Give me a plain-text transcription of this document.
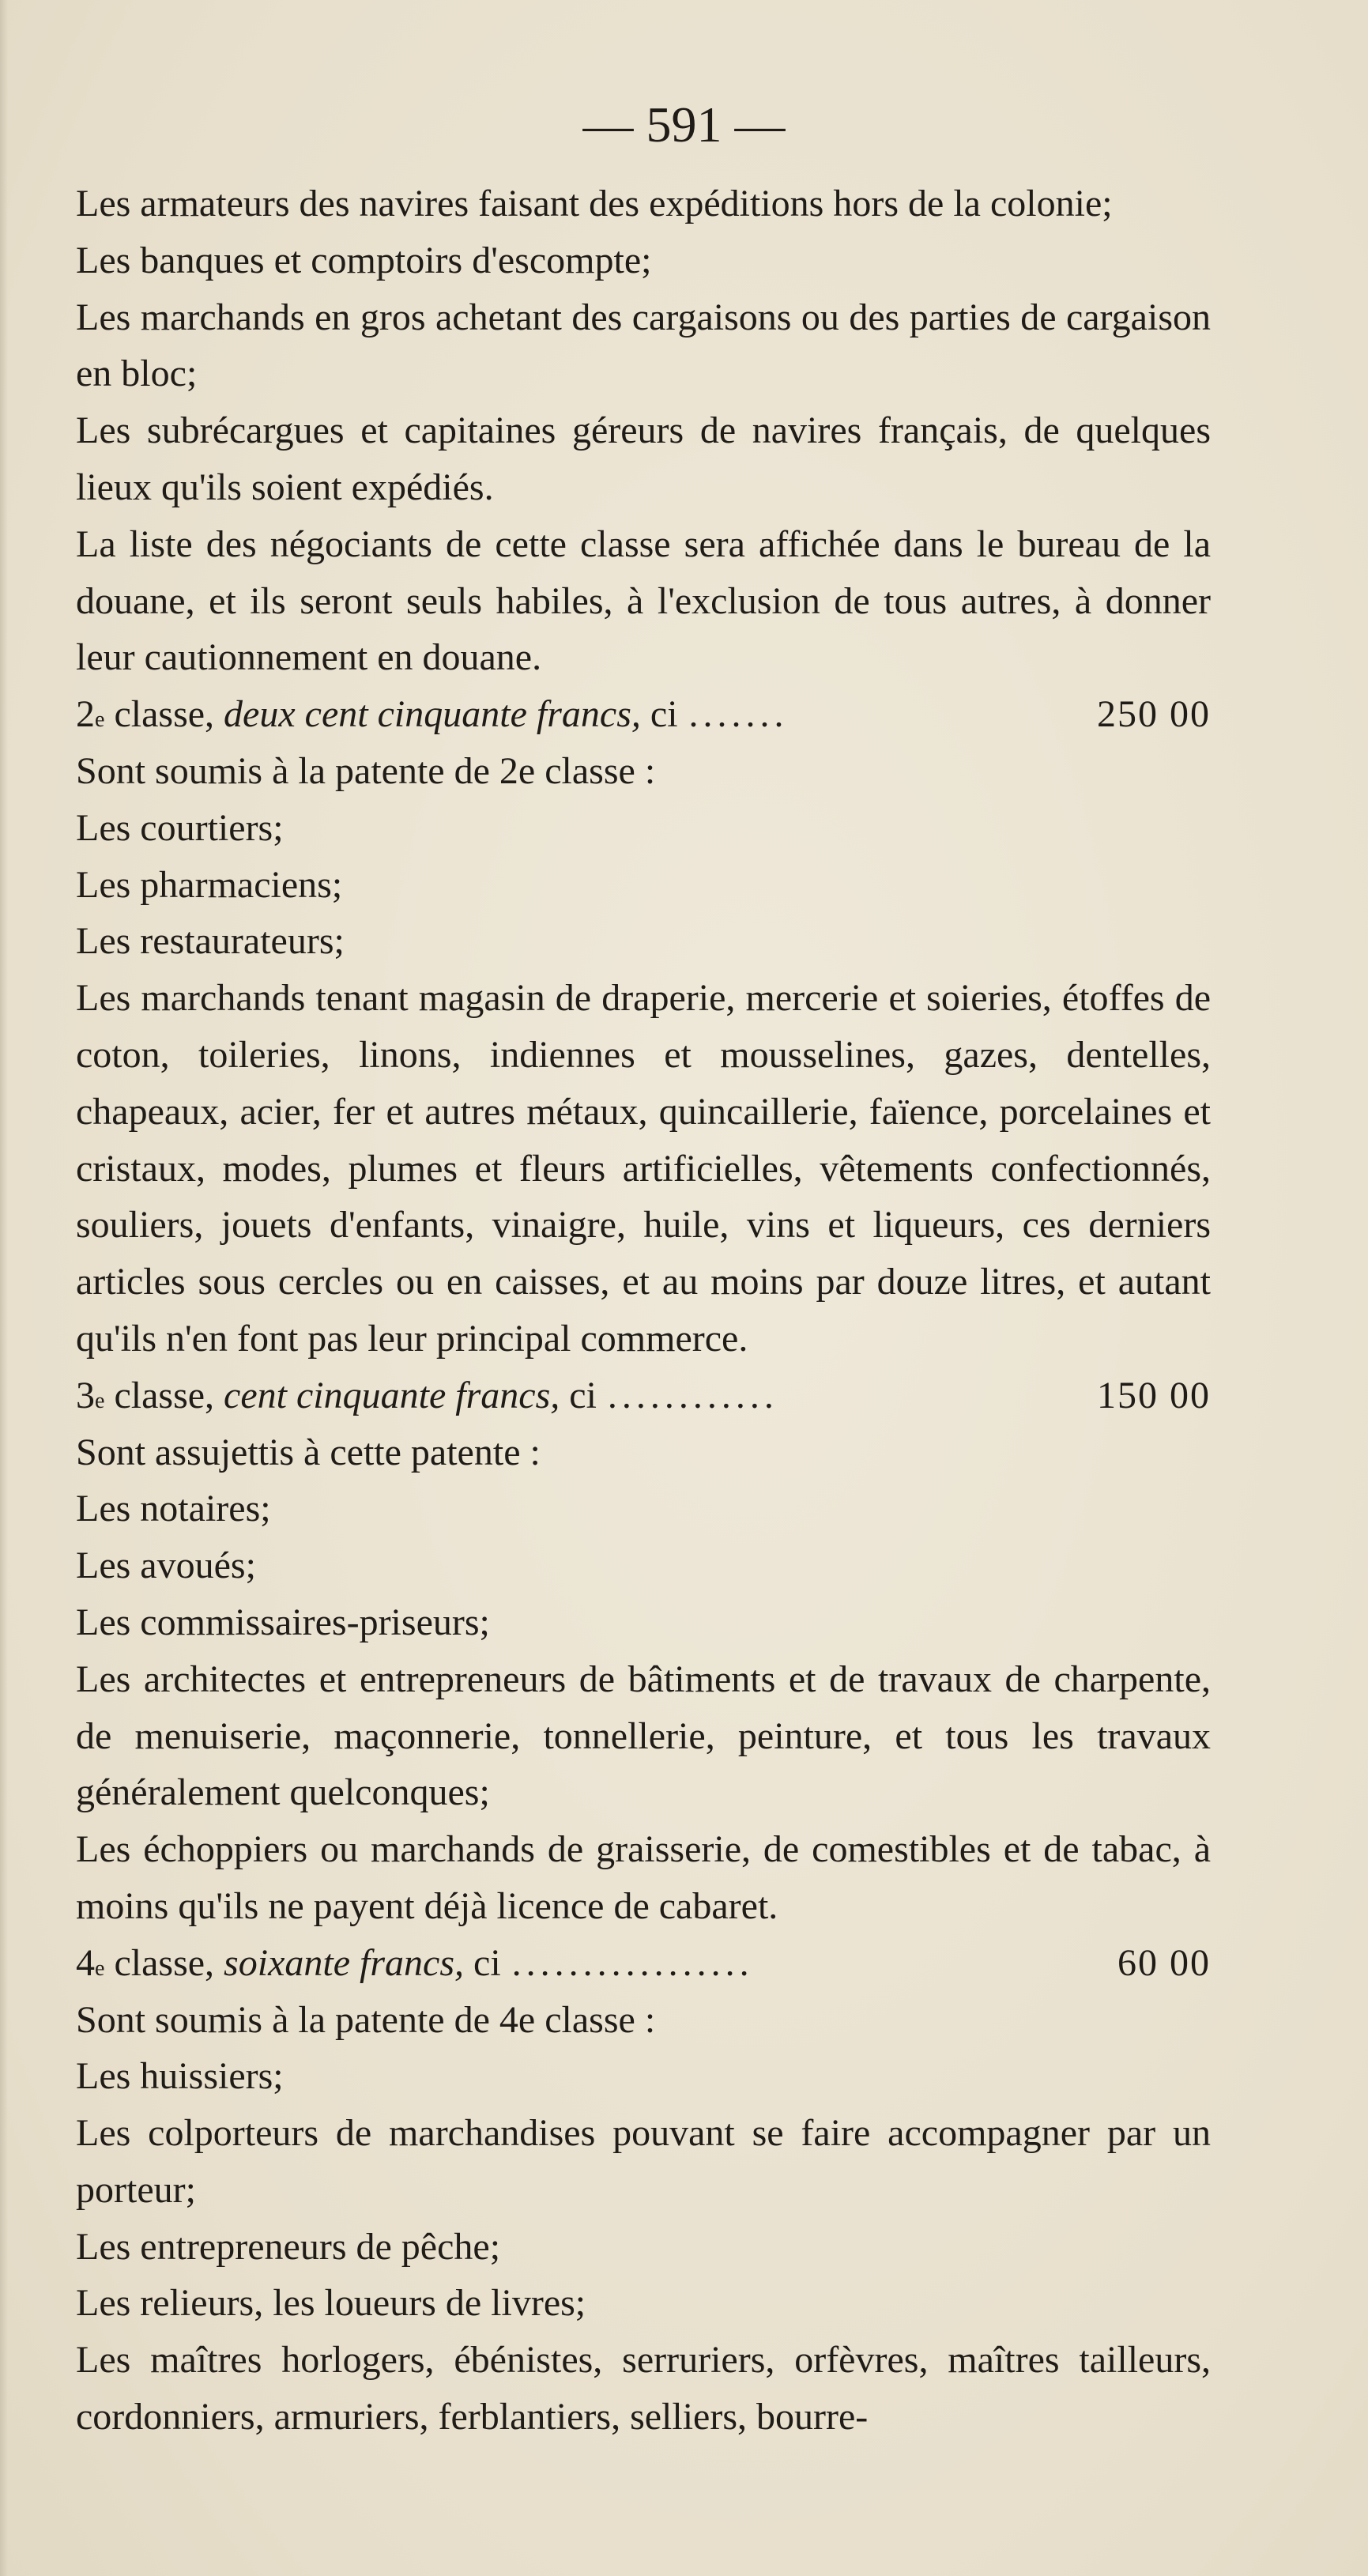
— 591 —

Les armateurs des navires faisant des expéditions hors de la colonie;

Les banques et comptoirs d'escompte;

Les marchands en gros achetant des cargaisons ou des parties de cargaison en bloc;

Les subrécargues et capitaines géreurs de navires français, de quelques lieux qu'ils soient expédiés.

La liste des négociants de cette classe sera affichée dans le bureau de la douane, et ils seront seuls habiles, à l'exclusion de tous autres, à donner leur cautionnement en douane.

2 e
classe,
deux cent cinquante francs,
ci .......	250 00

Sont soumis à la patente de 2e classe :

Les courtiers;

Les pharmaciens;

Les restaurateurs;

Les marchands tenant magasin de draperie, mercerie et soieries, étoffes de coton, toileries, linons, indiennes et mousselines, gazes, dentelles, chapeaux, acier, fer et autres métaux, quincaillerie, faïence, porcelaines et cristaux, modes, plumes et fleurs artificielles, vêtements confectionnés, souliers, jouets d'enfants, vinaigre, huile, vins et liqueurs, ces derniers articles sous cercles ou en caisses, et au moins par douze litres, et autant qu'ils n'en font pas leur principal commerce.

3 e
classe,
cent cinquante francs,
ci ............	150 00

Sont assujettis à cette patente :

Les notaires;

Les avoués;

Les commissaires-priseurs;

Les architectes et entrepreneurs de bâtiments et de travaux de charpente, de menuiserie, maçonnerie, tonnellerie, peinture, et tous les travaux généralement quelconques;

Les échoppiers ou marchands de graisserie, de comestibles et de tabac, à moins qu'ils ne payent déjà licence de cabaret.

4 e
classe,
soixante francs,
ci .................	60 00

Sont soumis à la patente de 4e classe :

Les huissiers;

Les colporteurs de marchandises pouvant se faire accompagner par un porteur;

Les entrepreneurs de pêche;

Les relieurs, les loueurs de livres;

Les maîtres horlogers, ébénistes, serruriers, orfèvres, maîtres tailleurs, cordonniers, armuriers, ferblantiers, selliers, bourre-
